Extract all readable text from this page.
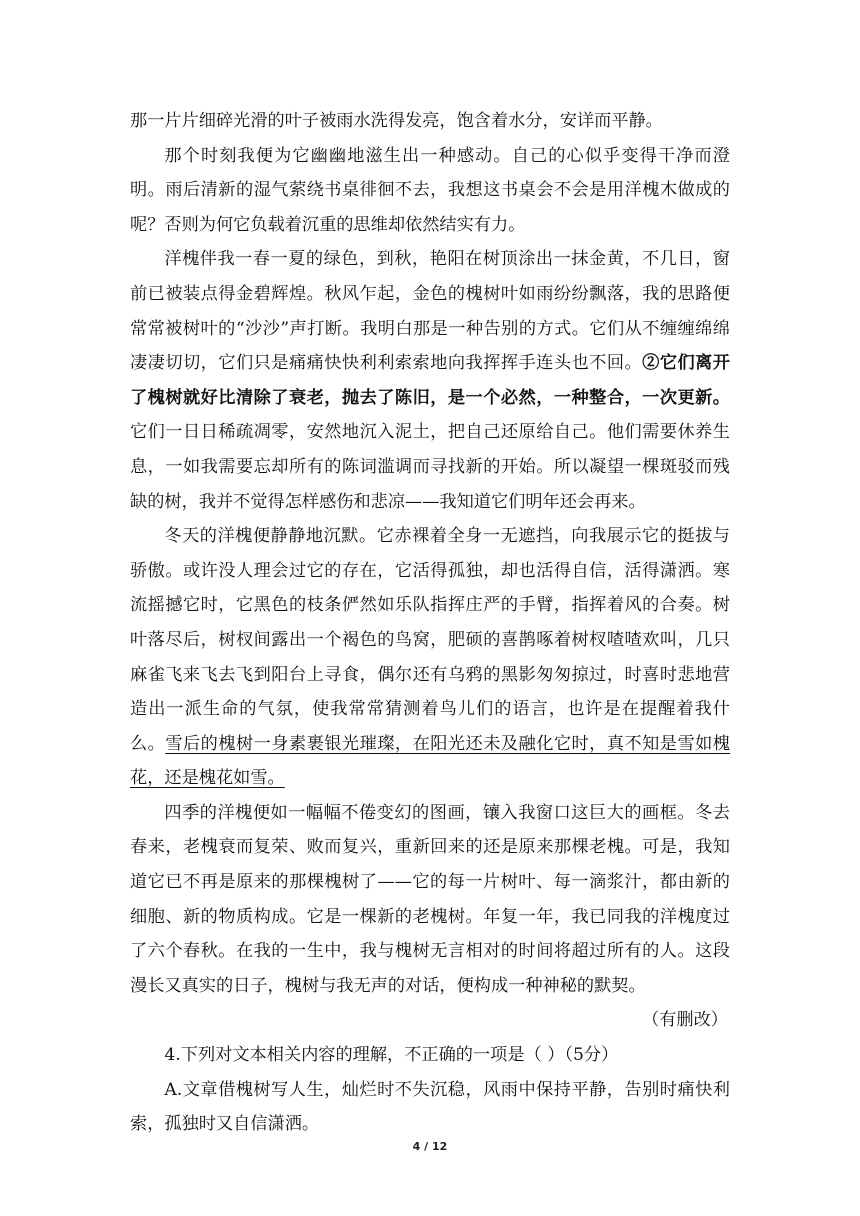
那一片片细碎光滑的叶子被雨水洗得发亮，饱含着水分，安详而平静。

那个时刻我便为它幽幽地滋生出一种感动。自己的心似乎变得干净而澄明。雨后清新的湿气萦绕书桌徘徊不去，我想这书桌会不会是用洋槐木做成的呢？否则为何它负载着沉重的思维却依然结实有力。

洋槐伴我一春一夏的绿色，到秋，艳阳在树顶涂出一抹金黄，不几日，窗前已被装点得金碧辉煌。秋风乍起，金色的槐树叶如雨纷纷飘落，我的思路便常常被树叶的“沙沙”声打断。我明白那是一种告别的方式。它们从不缠缠绵绵凄凄切切，它们只是痛痛快快利利索索地向我挥挥手连头也不回。②它们离开了槐树就好比清除了衰老，抛去了陈旧，是一个必然，一种整合，一次更新。它们一日日稀疏凋零，安然地沉入泥土，把自己还原给自己。他们需要休养生息，一如我需要忘却所有的陈词滥调而寻找新的开始。所以凝望一棵斑驳而残缺的树，我并不觉得怎样感伤和悲凉——我知道它们明年还会再来。

冬天的洋槐便静静地沉默。它赤裸着全身一无遮挡，向我展示它的挺拔与骄傲。或许没人理会过它的存在，它活得孤独，却也活得自信，活得潇洒。寒流摇撼它时，它黑色的枝条俨然如乐队指挥庄严的手臂，指挥着风的合奏。树叶落尽后，树杈间露出一个褐色的鸟窝，肥硕的喜鹊啄着树杈喳喳欢叫，几只麻雀飞来飞去飞到阳台上寻食，偶尔还有乌鸦的黑影匆匆掠过，时喜时悲地营造出一派生命的气氛，使我常常猜测着鸟儿们的语言，也许是在提醒着我什么。雪后的槐树一身素裹银光璀璨，在阳光还未及融化它时，真不知是雪如槐花，还是槐花如雪。

四季的洋槐便如一幅幅不倦变幻的图画，镶入我窗口这巨大的画框。冬去春来，老槐衰而复荣、败而复兴，重新回来的还是原来那棵老槐。可是，我知道它已不再是原来的那棵槐树了——它的每一片树叶、每一滴浆汁，都由新的细胞、新的物质构成。它是一棵新的老槐树。年复一年，我已同我的洋槐度过了六个春秋。在我的一生中，我与槐树无言相对的时间将超过所有的人。这段漫长又真实的日子，槐树与我无声的对话，便构成一种神秘的默契。

（有删改）

4.下列对文本相关内容的理解，不正确的一项是（ ）（5分）

A.文章借槐树写人生，灿烂时不失沉稳，风雨中保持平静，告别时痛快利索，孤独时又自信潇洒。

4 / 12
